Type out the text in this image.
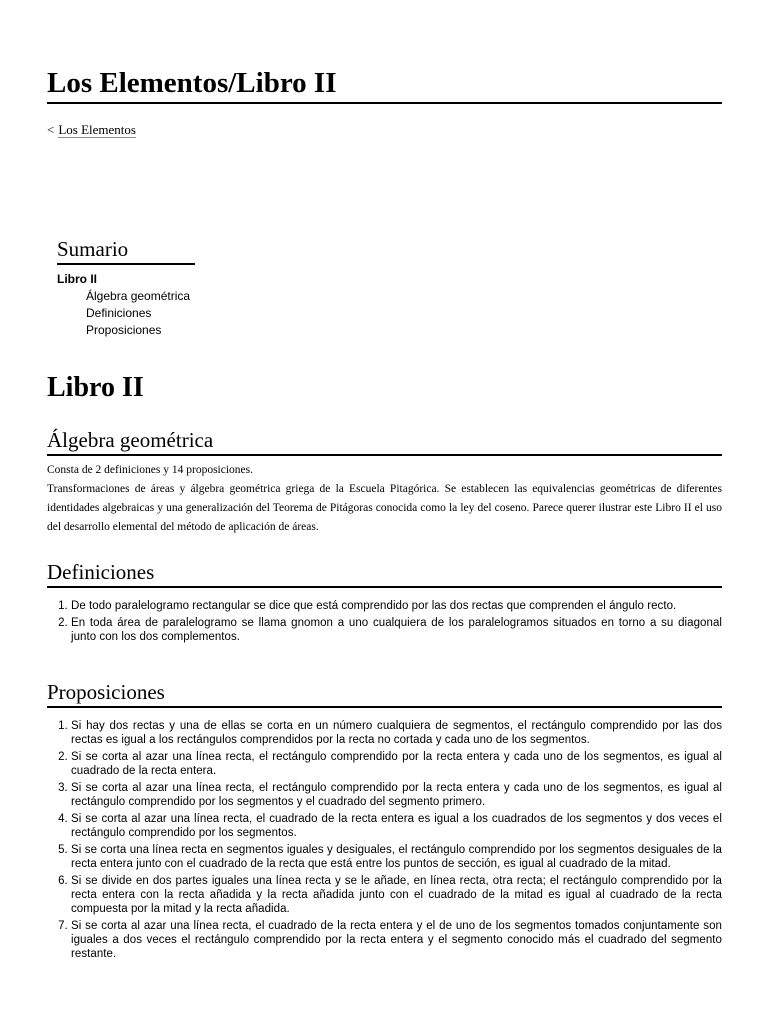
Los Elementos/Libro II
< Los Elementos
Sumario
Libro II
Álgebra geométrica
Definiciones
Proposiciones
Libro II
Álgebra geométrica

Consta de 2 definiciones y 14 proposiciones.

Transformaciones de áreas y álgebra geométrica griega de la Escuela Pitagórica. Se establecen las equivalencias geométricas de diferentes identidades algebraicas y una generalización del Teorema de Pitágoras conocida como la ley del coseno. Parece querer ilustrar este Libro II el uso del desarrollo elemental del método de aplicación de áreas.

Definiciones
1. De todo paralelogramo rectangular se dice que está comprendido por las dos rectas que comprenden el ángulo recto.
2. En toda área de paralelogramo se llama gnomon a uno cualquiera de los paralelogramos situados en torno a su diagonal junto con los dos complementos.
Proposiciones
1. Si hay dos rectas y una de ellas se corta en un número cualquiera de segmentos, el rectángulo comprendido por las dos rectas es igual a los rectángulos comprendidos por la recta no cortada y cada uno de los segmentos.
2. Si se corta al azar una línea recta, el rectángulo comprendido por la recta entera y cada uno de los segmentos, es igual al cuadrado de la recta entera.
3. Si se corta al azar una línea recta, el rectángulo comprendido por la recta entera y cada uno de los segmentos, es igual al rectángulo comprendido por los segmentos y el cuadrado del segmento primero.
4. Si se corta al azar una línea recta, el cuadrado de la recta entera es igual a los cuadrados de los segmentos y dos veces el rectángulo comprendido por los segmentos.
5. Si se corta una línea recta en segmentos iguales y desiguales, el rectángulo comprendido por los segmentos desiguales de la recta entera junto con el cuadrado de la recta que está entre los puntos de sección, es igual al cuadrado de la mitad.
6. Si se divide en dos partes iguales una línea recta y se le añade, en línea recta, otra recta; el rectángulo comprendido por la recta entera con la recta añadida y la recta añadida junto con el cuadrado de la mitad es igual al cuadrado de la recta compuesta por la mitad y la recta añadida.
7. Si se corta al azar una línea recta, el cuadrado de la recta entera y el de uno de los segmentos tomados conjuntamente son iguales a dos veces el rectángulo comprendido por la recta entera y el segmento conocido más el cuadrado del segmento restante.
